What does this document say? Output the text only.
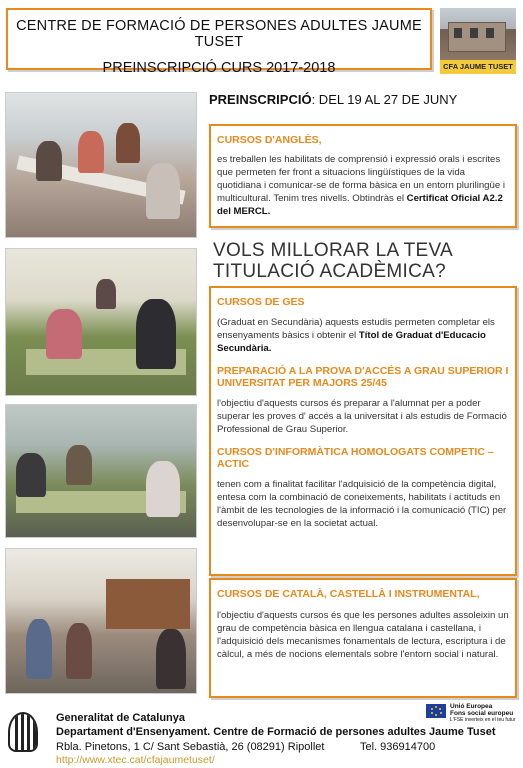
CENTRE DE FORMACIÓ DE PERSONES ADULTES JAUME TUSET
PREINSCRIPCIÓ CURS 2017-2018	CFA JAUME TUSET
PREINSCRIPCIÓ: DEL 19 AL 27 DE JUNY
CURSOS D'ANGLÈS,
es treballen les habilitats de comprensió i expressió orals i escrites que permeten fer front a situacions lingüístiques de la vida quotidiana i comunicar-se de forma bàsica en un entorn plurilingüe i multicultural. Tenim tres nivells. Obtindràs el Certificat Oficial A2.2 del MERCL.
VOLS MILLORAR LA TEVA TITULACIÓ ACADÈMICA?
CURSOS DE GES
(Graduat en Secundària) aquests estudis permeten completar els ensenyaments bàsics i obtenir el Títol de Graduat d'Educacio Secundària.
PREPARACIÓ A LA PROVA D'ACCÉS A GRAU SUPERIOR I UNIVERSITAT PER MAJORS 25/45
l'objectiu d'aquests cursos és preparar a l'alumnat per a poder superar les proves d' accés a la universitat i als estudis de Formació Professional de Grau Superior.
CURSOS D'INFORMÀTICA HOMOLOGATS COMPETIC – ACTIC
tenen com a finalitat facilitar l'adquisició de la competència digital, entesa com la combinació de coneixements, habilitats i actituds en l'àmbit de les tecnologies de la informació i la comunicació (TIC) per desenvolupar-se en la societat actual.
CURSOS DE CATALÀ, CASTELLÀ I INSTRUMENTAL,
l'objectiu d'aquests cursos és que les persones adultes assoleixin un grau de competència bàsica en llengua catalana i castellana, i l'adquisició dels mecanismes fonamentals de lectura, escriptura i de càlcul, a més de nocions elementals sobre l'entorn social i natural.
Generalitat de Catalunya
Departament d'Ensenyament. Centre de Formació de persones adultes Jaume Tuset
Rbla. Pinetons, 1 C/ Sant Sebastià, 26 (08291) Ripollet	Tel. 936914700
http://www.xtec.cat/cfajaumetuset/
Unió Europea
Fons social europeu
L'FSE inverteix en el teu futur
